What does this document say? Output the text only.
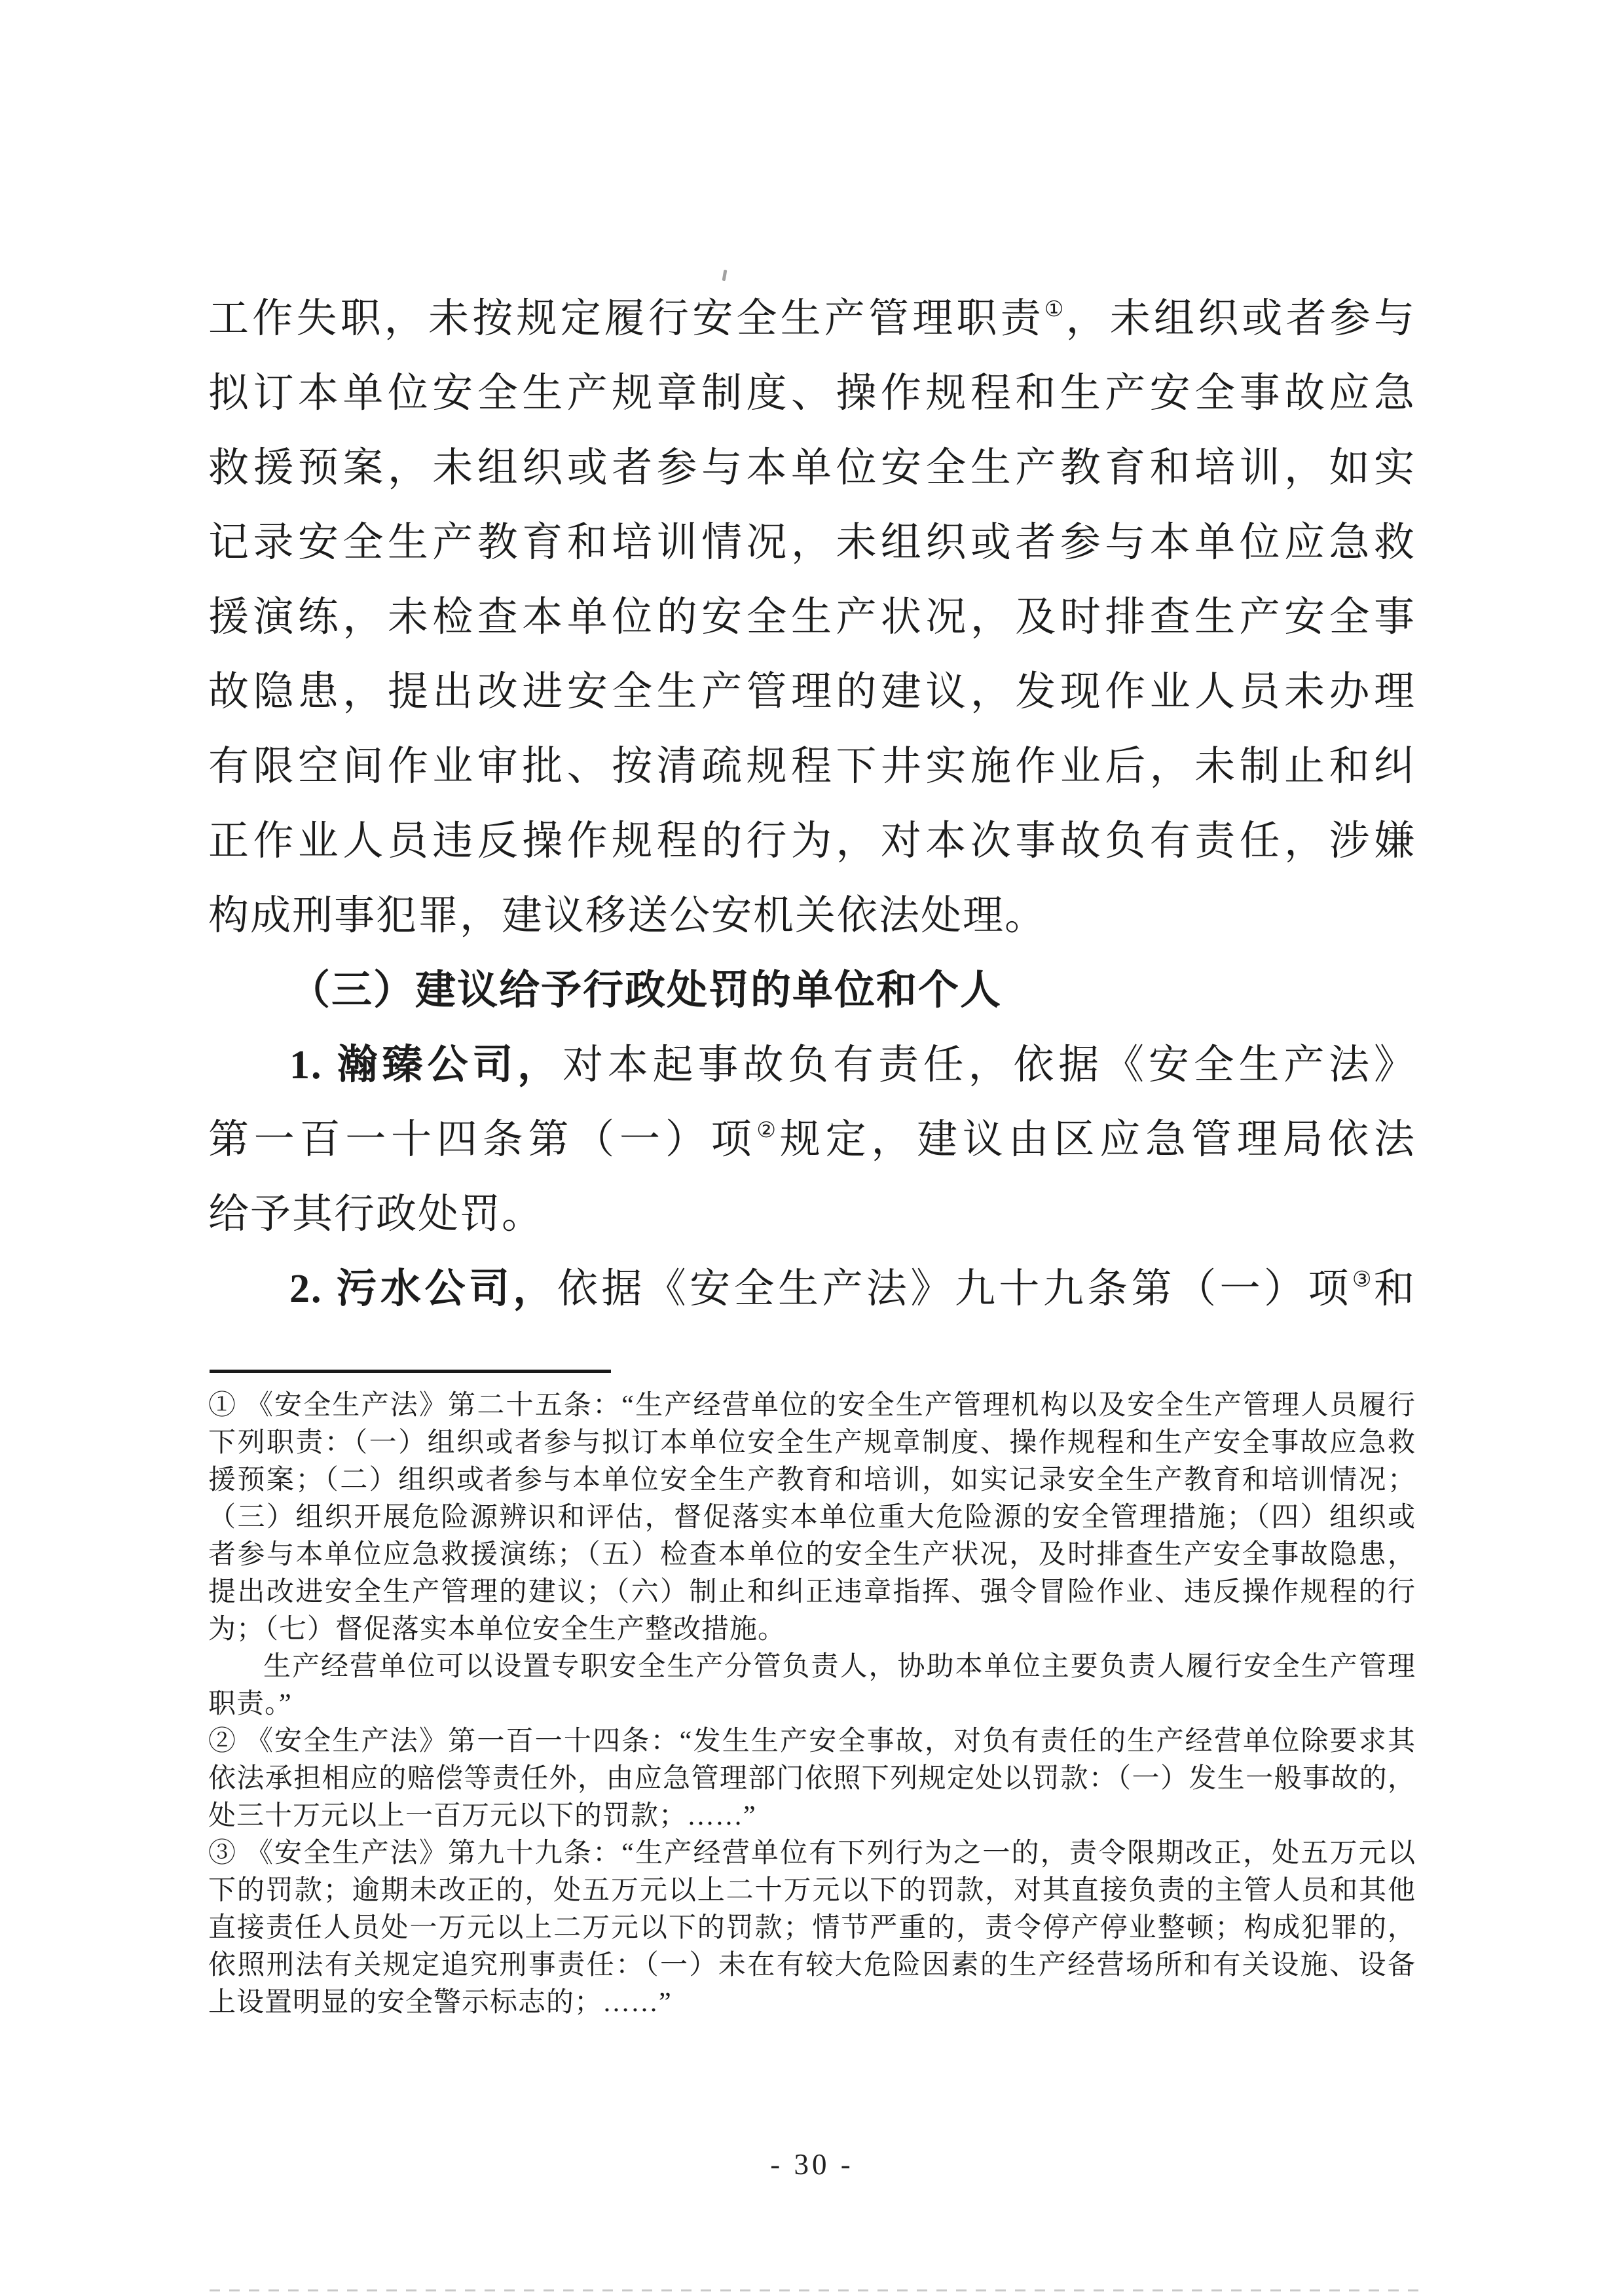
工作失职，未按规定履行安全生产管理职责①，未组织或者参与
拟订本单位安全生产规章制度、操作规程和生产安全事故应急
救援预案，未组织或者参与本单位安全生产教育和培训，如实
记录安全生产教育和培训情况，未组织或者参与本单位应急救
援演练，未检查本单位的安全生产状况，及时排查生产安全事
故隐患，提出改进安全生产管理的建议，发现作业人员未办理
有限空间作业审批、按清疏规程下井实施作业后，未制止和纠
正作业人员违反操作规程的行为，对本次事故负有责任，涉嫌
构成刑事犯罪，建议移送公安机关依法处理。
（三）建议给予行政处罚的单位和个人
1. 瀚臻公司，对本起事故负有责任，依据《安全生产法》
第一百一十四条第（一）项②规定，建议由区应急管理局依法
给予其行政处罚。
2. 污水公司，依据《安全生产法》九十九条第（一）项③和
① 《安全生产法》第二十五条：“生产经营单位的安全生产管理机构以及安全生产管理人员履行
下列职责：（一）组织或者参与拟订本单位安全生产规章制度、操作规程和生产安全事故应急救
援预案；（二）组织或者参与本单位安全生产教育和培训，如实记录安全生产教育和培训情况；
（三）组织开展危险源辨识和评估，督促落实本单位重大危险源的安全管理措施；（四）组织或
者参与本单位应急救援演练；（五）检查本单位的安全生产状况，及时排查生产安全事故隐患，
提出改进安全生产管理的建议；（六）制止和纠正违章指挥、强令冒险作业、违反操作规程的行
为；（七）督促落实本单位安全生产整改措施。
生产经营单位可以设置专职安全生产分管负责人，协助本单位主要负责人履行安全生产管理
职责。”
② 《安全生产法》第一百一十四条：“发生生产安全事故，对负有责任的生产经营单位除要求其
依法承担相应的赔偿等责任外，由应急管理部门依照下列规定处以罚款：（一）发生一般事故的，
处三十万元以上一百万元以下的罚款；……”
③ 《安全生产法》第九十九条：“生产经营单位有下列行为之一的，责令限期改正，处五万元以
下的罚款；逾期未改正的，处五万元以上二十万元以下的罚款，对其直接负责的主管人员和其他
直接责任人员处一万元以上二万元以下的罚款；情节严重的，责令停产停业整顿；构成犯罪的，
依照刑法有关规定追究刑事责任：（一）未在有较大危险因素的生产经营场所和有关设施、设备
上设置明显的安全警示标志的；……”
- 30 -
